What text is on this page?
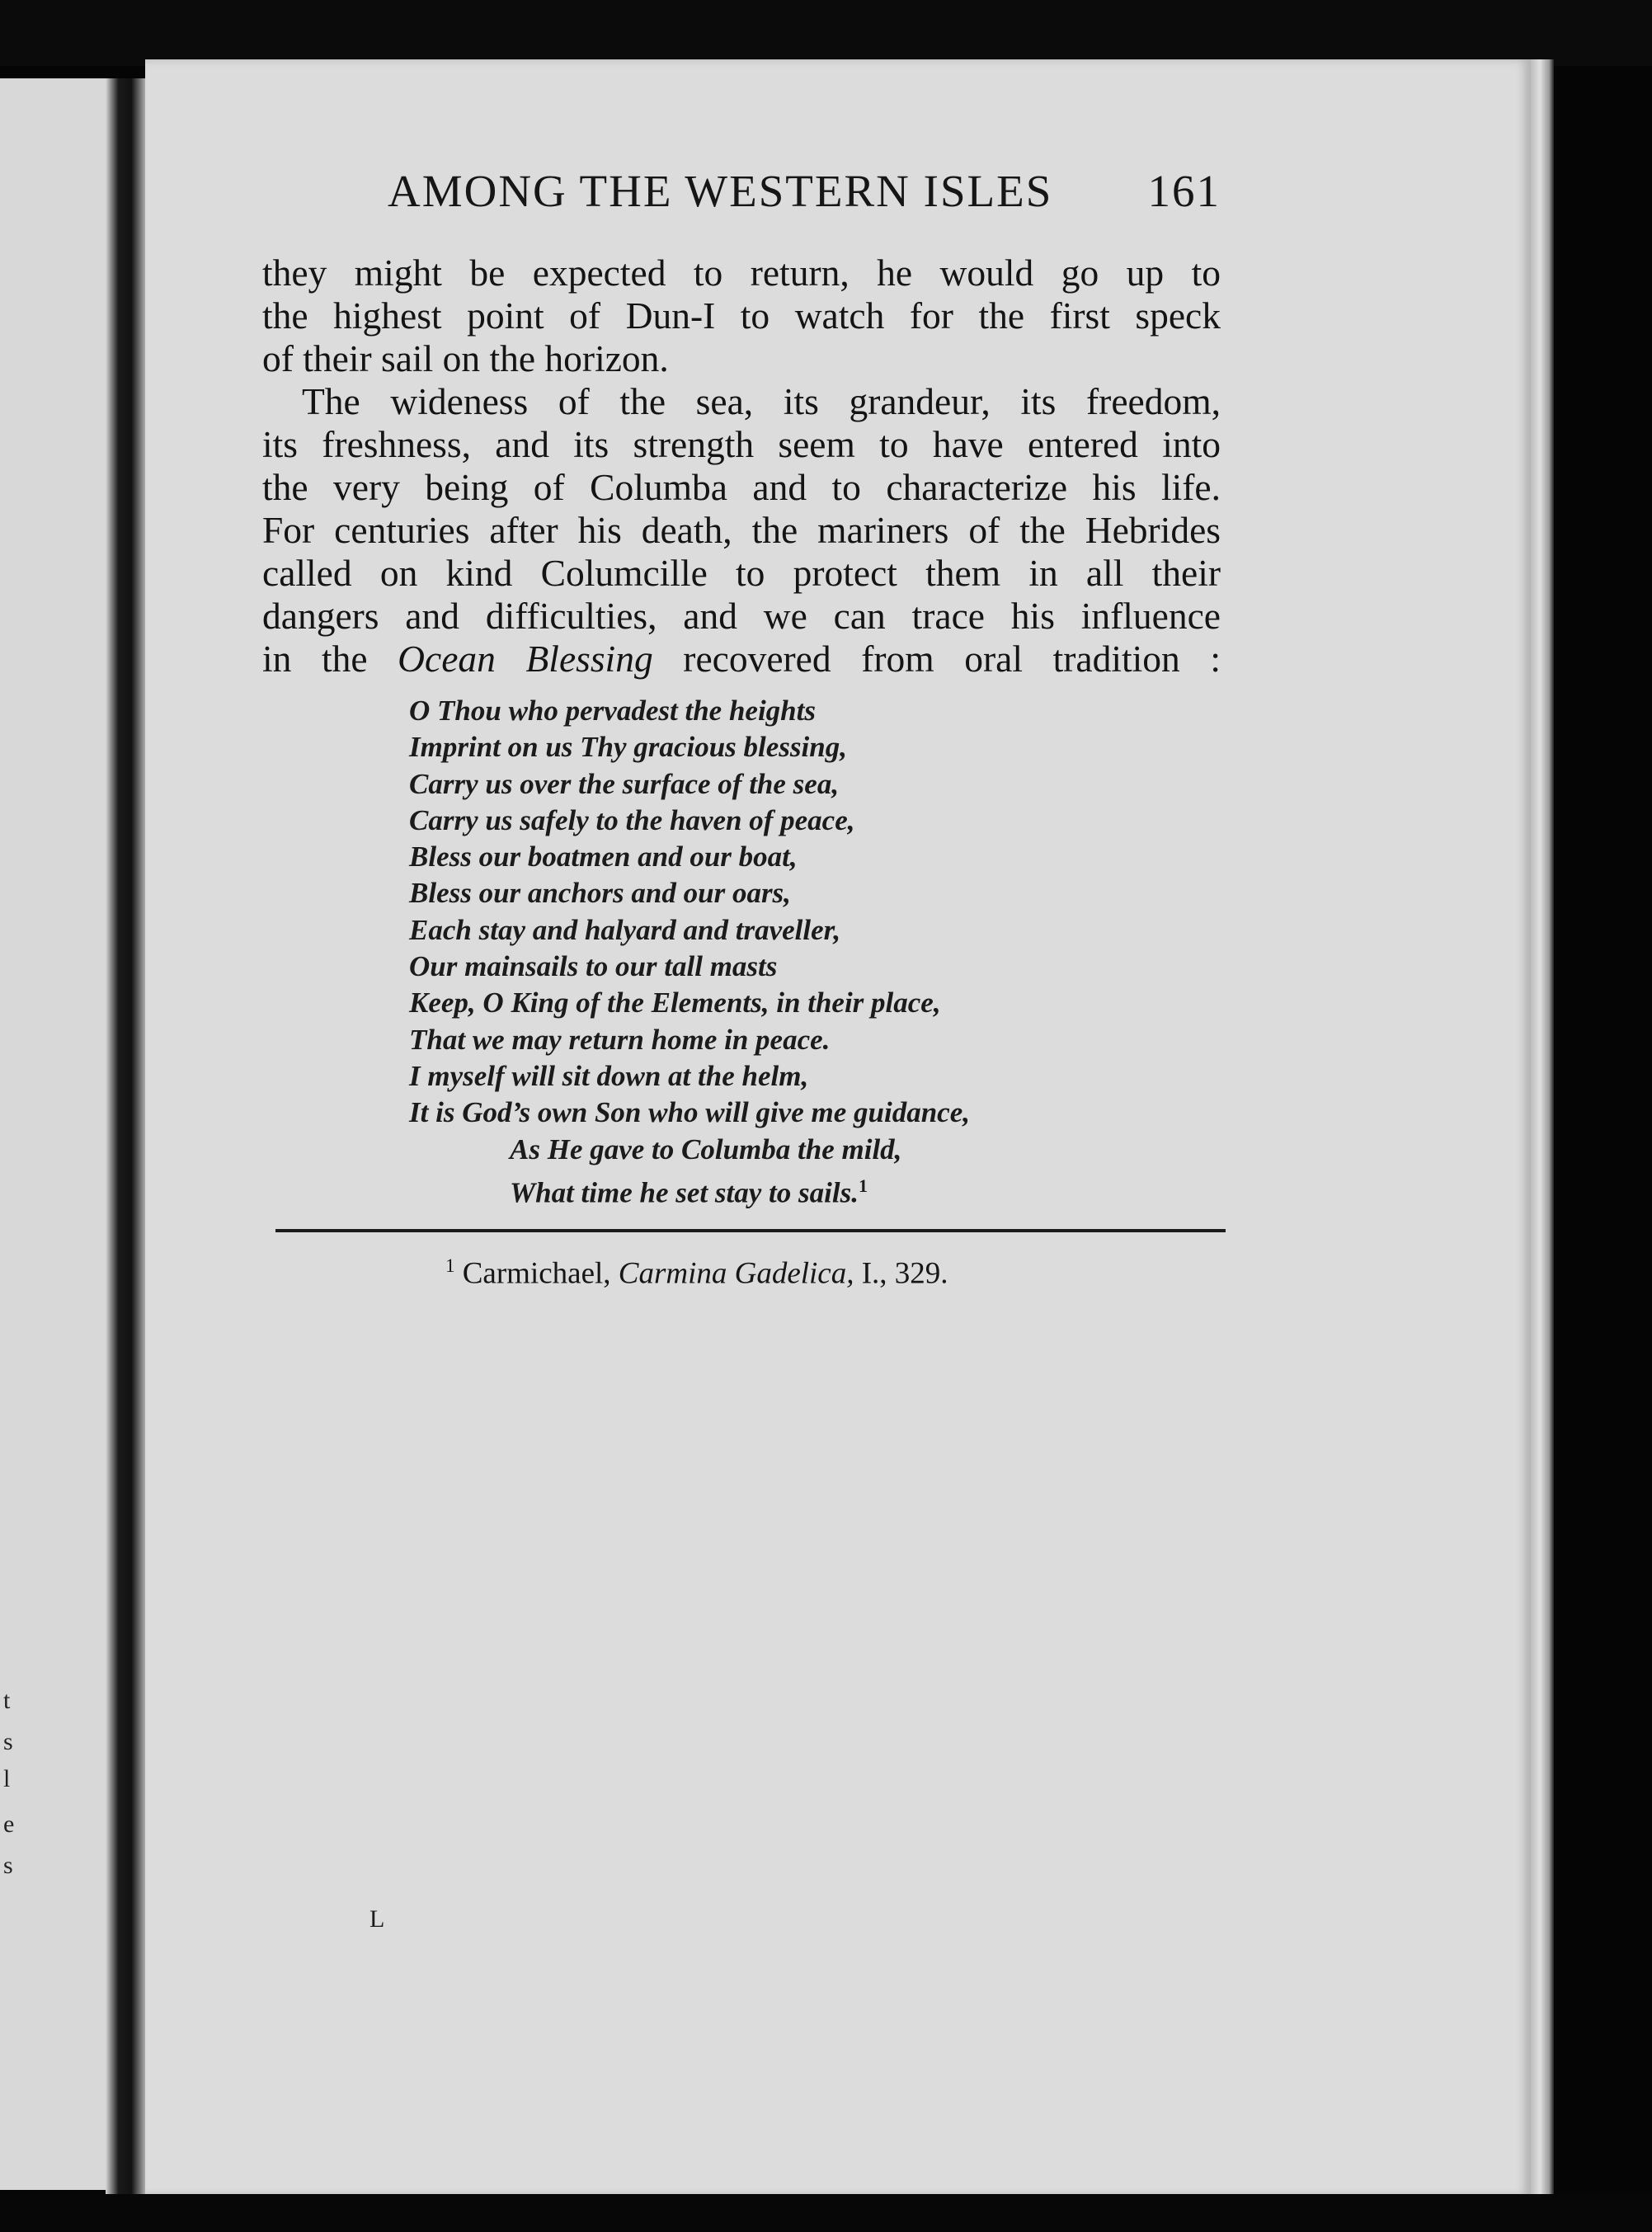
t
s
l
e
s
AMONG THE WESTERN ISLES 161

they might be expected to return, he would go up to
the highest point of Dun-I to watch for the first speck
of their sail on the horizon.

The wideness of the sea, its grandeur, its freedom,
its freshness, and its strength seem to have entered into
the very being of Columba and to characterize his life.
For centuries after his death, the mariners of the Hebrides
called on kind Columcille to protect them in all their
dangers and difficulties, and we can trace his influence
in the Ocean Blessing recovered from oral tradition :

O Thou who pervadest the heights
Imprint on us Thy gracious blessing,
Carry us over the surface of the sea,
Carry us safely to the haven of peace,
Bless our boatmen and our boat,
Bless our anchors and our oars,
Each stay and halyard and traveller,
Our mainsails to our tall masts
Keep, O King of the Elements, in their place,
That we may return home in peace.
I myself will sit down at the helm,
It is God’s own Son who will give me guidance,
As He gave to Columba the mild,
What time he set stay to sails.$^1$
$^1$ Carmichael, Carmina Gadelica, I., 329.
L
